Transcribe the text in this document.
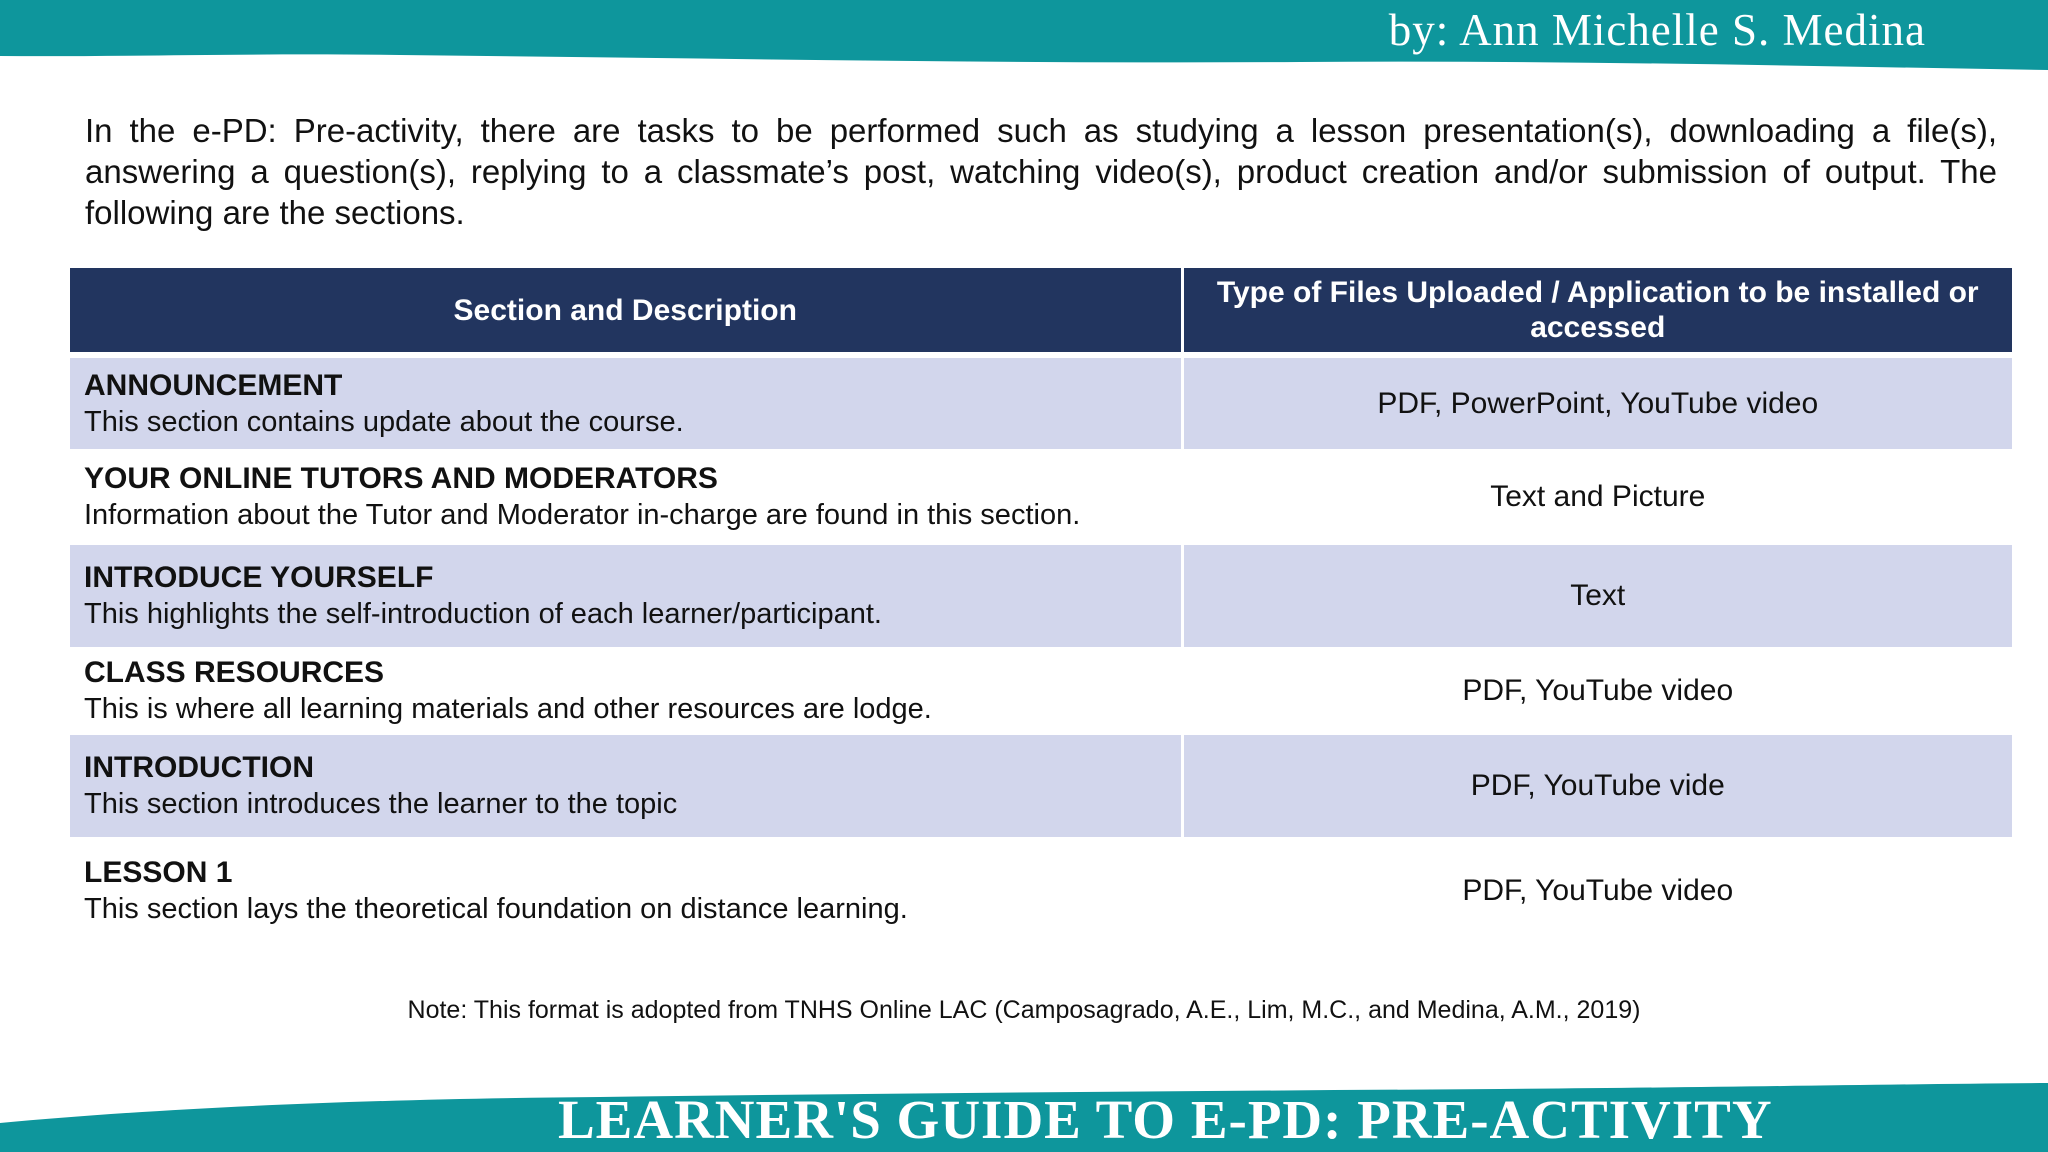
by: Ann Michelle S. Medina
In the e-PD: Pre-activity, there are tasks to be performed such as studying a lesson presentation(s), downloading a file(s), answering a question(s), replying to a classmate’s post, watching video(s), product creation and/or submission of output. The following are the sections.
Section and Description	Type of Files Uploaded / Application to be installed or accessed

ANNOUNCEMENT
This section contains update about the course.	PDF, PowerPoint, YouTube video

YOUR ONLINE TUTORS AND MODERATORS
Information about the Tutor and Moderator in-charge are found in this section.	Text and Picture

INTRODUCE YOURSELF
This highlights the self-introduction of each learner/participant.	Text

CLASS RESOURCES
This is where all learning materials and other resources are lodge.	PDF, YouTube video

INTRODUCTION
This section introduces the learner to the topic	PDF, YouTube vide

LESSON 1
This section lays the theoretical foundation on distance learning.	PDF, YouTube video
Note: This format is adopted from TNHS Online LAC (Camposagrado, A.E., Lim, M.C., and Medina, A.M., 2019)
LEARNER'S GUIDE TO E-PD: PRE-ACTIVITY
